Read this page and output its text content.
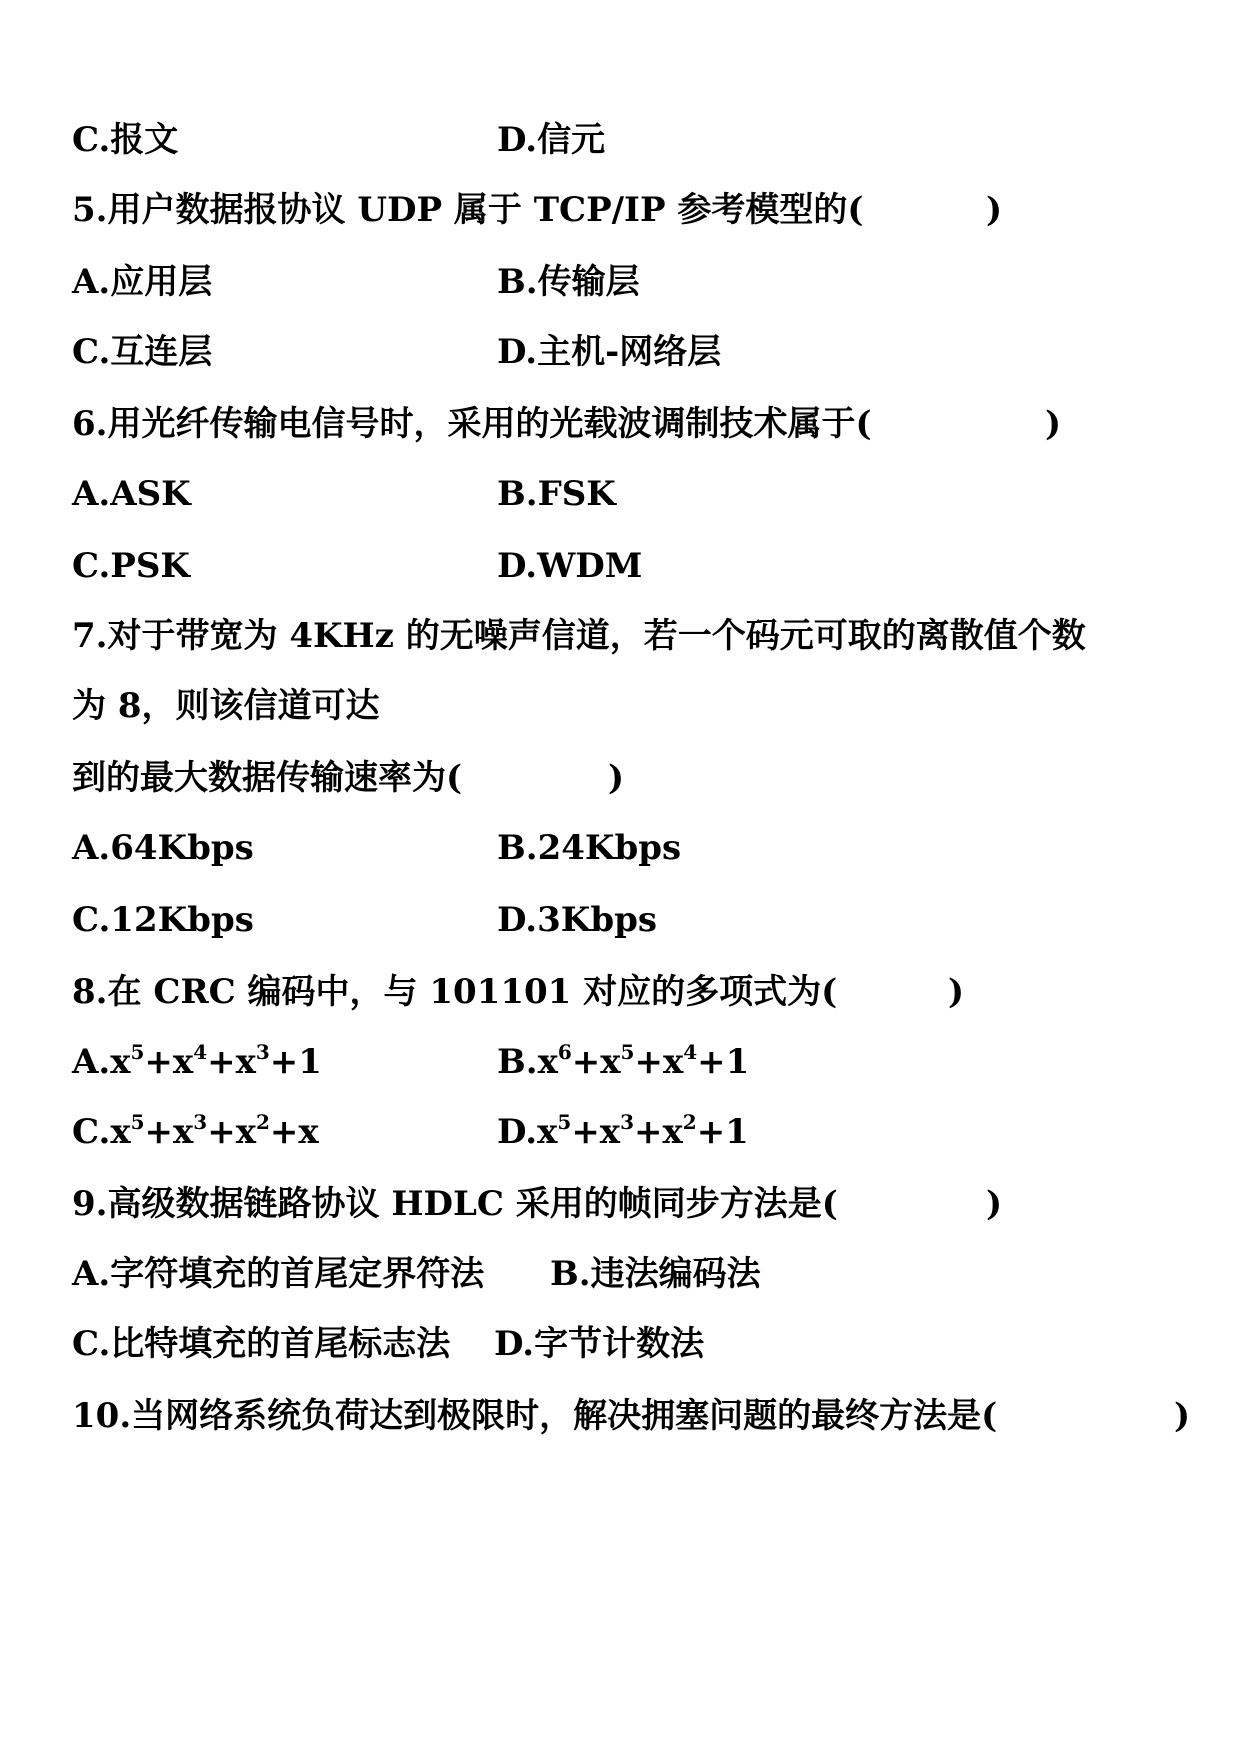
C.报文	D.信元
5.用户数据报协议 UDP 属于 TCP/IP 参考模型的(	)
A.应用层	B.传输层
C.互连层	D.主机-网络层
6.用光纤传输电信号时，采用的光载波调制技术属于(	)
A.ASK	B.FSK
C.PSK	D.WDM
7.对于带宽为 4KHz 的无噪声信道，若一个码元可取的离散值个数
为 8，则该信道可达
到的最大数据传输速率为(	)
A.64Kbps	B.24Kbps
C.12Kbps	D.3Kbps
8.在 CRC 编码中，与 101101 对应的多项式为(	)
$A.x^5+x^4+x^3+1$	$B.x^6+x^5+x^4+1$
$C.x^5+x^3+x^2+x$	$D.x^5+x^3+x^2+1$
9.高级数据链路协议 HDLC 采用的帧同步方法是(	)
A.字符填充的首尾定界符法 B.违法编码法
C.比特填充的首尾标志法 D.字节计数法
10.当网络系统负荷达到极限时，解决拥塞问题的最终方法是(	)
